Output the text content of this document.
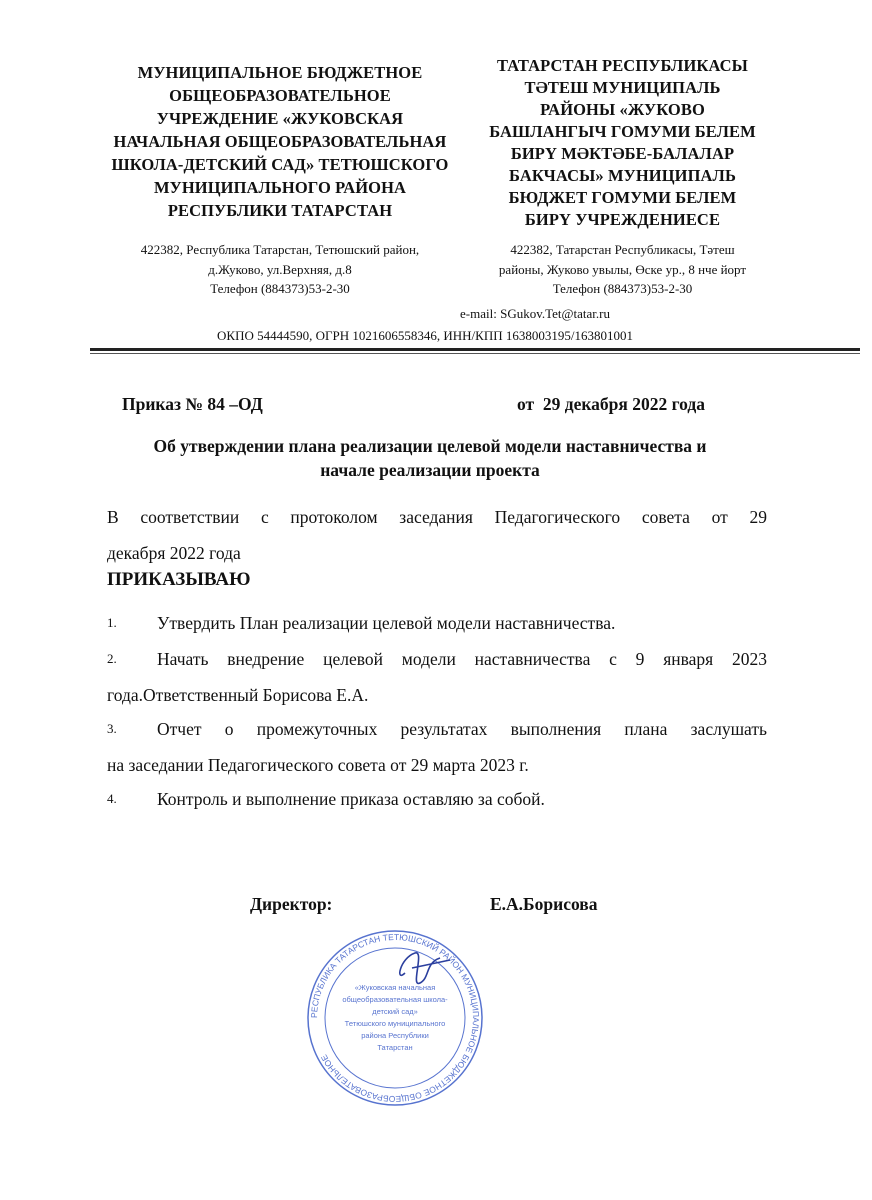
МУНИЦИПАЛЬНОЕ БЮДЖЕТНОЕ
ОБЩЕОБРАЗОВАТЕЛЬНОЕ
УЧРЕЖДЕНИЕ «ЖУКОВСКАЯ
НАЧАЛЬНАЯ ОБЩЕОБРАЗОВАТЕЛЬНАЯ
ШКОЛА-ДЕТСКИЙ САД» ТЕТЮШСКОГО
МУНИЦИПАЛЬНОГО РАЙОНА
РЕСПУБЛИКИ ТАТАРСТАН
422382, Республика Татарстан, Тетюшский район,
д.Жуково, ул.Верхняя, д.8
Телефон (884373)53-2-30
ТАТАРСТАН РЕСПУБЛИКАСЫ
ТӘТЕШ МУНИЦИПАЛЬ
РАЙОНЫ «ЖУКОВО
БАШЛАНГЫЧ ГОМУМИ БЕЛЕМ
БИРҮ МӘКТӘБЕ-БАЛАЛАР
БАКЧАСЫ» МУНИЦИПАЛЬ
БЮДЖЕТ ГОМУМИ БЕЛЕМ
БИРҮ УЧРЕЖДЕНИЕСЕ
422382, Татарстан Республикасы, Тәтеш
районы, Жуково увылы, Өске ур., 8 нче йорт
Телефон (884373)53-2-30
e-mail: SGukov.Tet@tatar.ru
ОКПО 54444590, ОГРН 1021606558346, ИНН/КПП 1638003195/163801001
Приказ № 84 –ОД	от  29 декабря 2022 года
Об утверждении плана реализации целевой модели наставничества и
начале реализации проекта
В соответствии с протоколом заседания Педагогического совета от 29
декабря 2022 года
ПРИКАЗЫВАЮ
1.	Утвердить План реализации целевой модели наставничества.
2.	Начать внедрение целевой модели наставничества с 9 января 2023
года.Ответственный Борисова Е.А.
3.	Отчет о промежуточных результатах выполнения плана заслушать
на заседании Педагогического совета от 29 марта 2023 г.
4.	Контроль и выполнение приказа оставляю за собой.
Директор:	Е.А.Борисова
РЕСПУБЛИКА ТАТАРСТАН ТЕТЮШСКИЙ РАЙОН МУНИЦИПАЛЬНОЕ БЮДЖЕТНОЕ ОБЩЕОБРАЗОВАТЕЛЬНОЕ
«Жуковская начальная
общеобразовательная школа-
детский сад»
Тетюшского муниципального
района Республики
Татарстан
